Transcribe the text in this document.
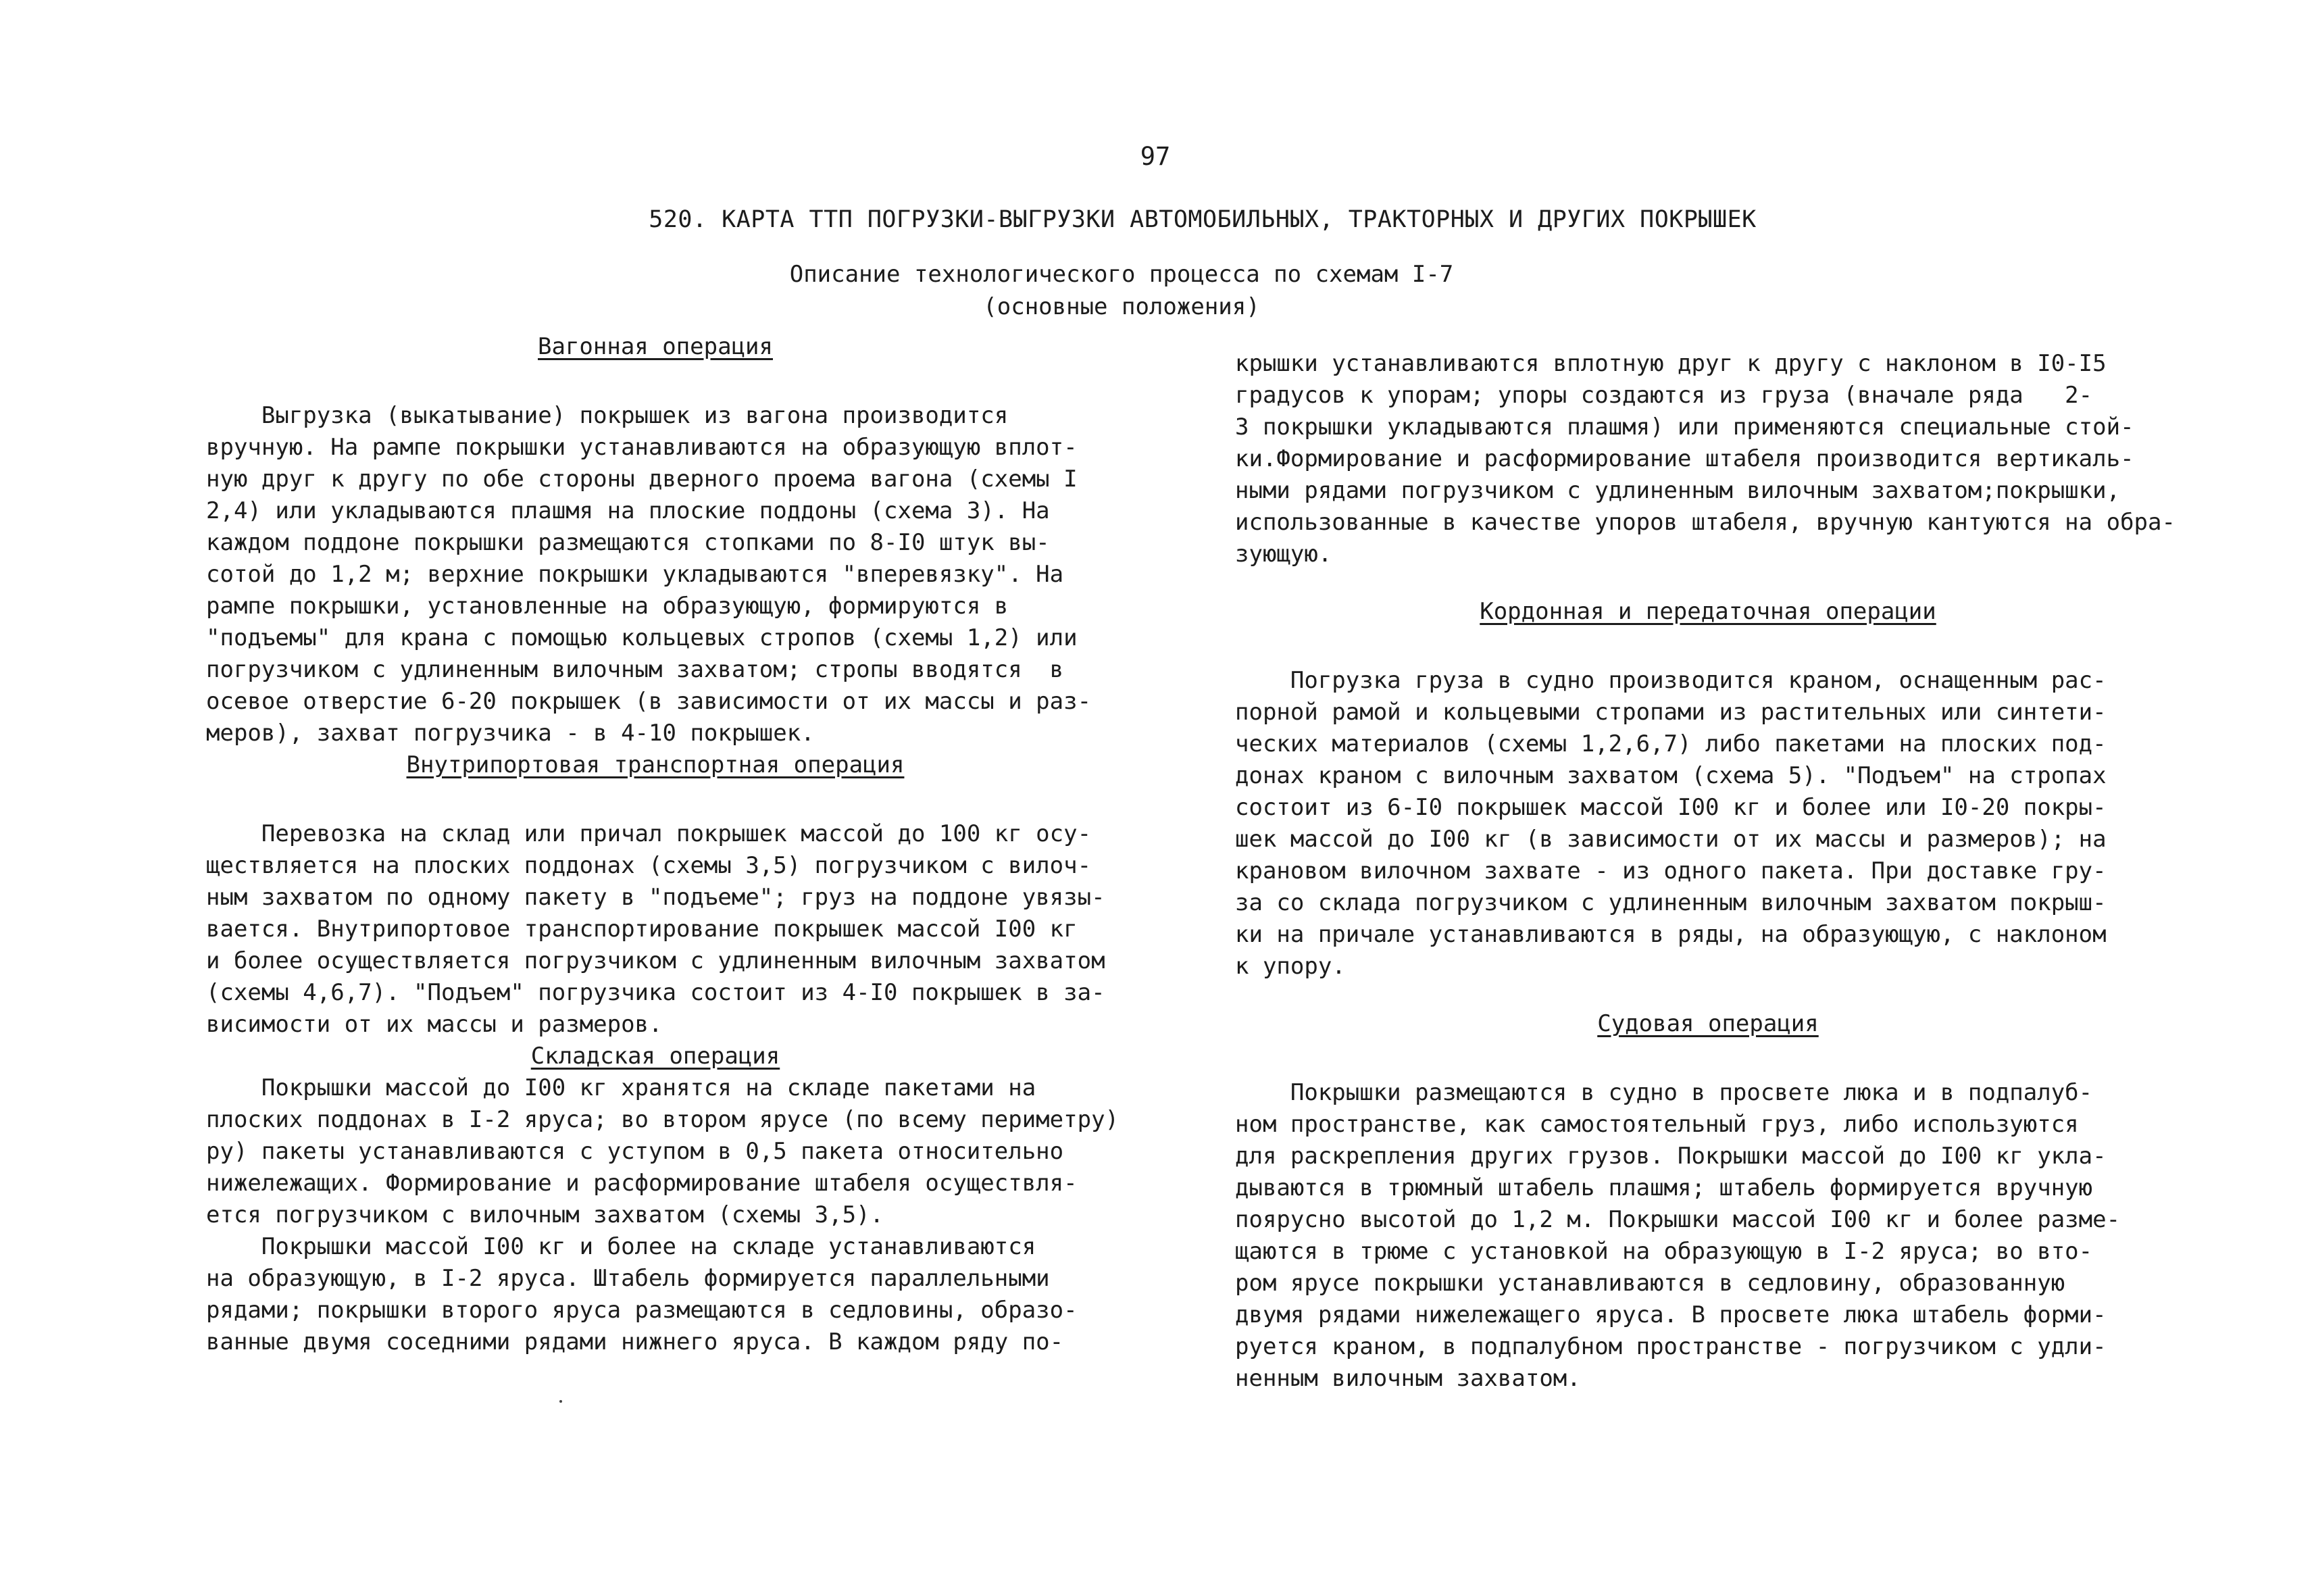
97
520. КАРТА ТТП ПОГРУЗКИ-ВЫГРУЗКИ АВТОМОБИЛЬНЫХ, ТРАКТОРНЫХ И ДРУГИХ ПОКРЫШЕК
Описание технологического процесса по схемам I-7
(основные положения)
Вагонная операция

Выгрузка (выкатывание) покрышек из вагона производится
вручную. На рампе покрышки устанавливаются на образующую вплот-
ную друг к другу по обе стороны дверного проема вагона (схемы I
2,4) или укладываются плашмя на плоские поддоны (схема 3). На
каждом поддоне покрышки размещаются стопками по 8-I0 штук вы-
сотой до 1,2 м; верхние покрышки укладываются "вперевязку". На
рампе покрышки, установленные на образующую, формируются в
"подъемы" для крана с помощью кольцевых стропов (схемы 1,2) или
погрузчиком с удлиненным вилочным захватом; стропы вводятся  в
осевое отверстие 6-20 покрышек (в зависимости от их массы и раз-
меров), захват погрузчика - в 4-10 покрышек.

Внутрипортовая транспортная операция

Перевозка на склад или причал покрышек массой до 100 кг осу-
ществляется на плоских поддонах (схемы 3,5) погрузчиком с вилоч-
ным захватом по одному пакету в "подъеме"; груз на поддоне увязы-
вается. Внутрипортовое транспортирование покрышек массой I00 кг
и более осуществляется погрузчиком с удлиненным вилочным захватом
(схемы 4,6,7). "Подъем" погрузчика состоит из 4-I0 покрышек в за-
висимости от их массы и размеров.

Складская операция

Покрышки массой до I00 кг хранятся на складе пакетами на
плоских поддонах в I-2 яруса; во втором ярусе (по всему периметру)
ру) пакеты устанавливаются с уступом в 0,5 пакета относительно
нижележащих. Формирование и расформирование штабеля осуществля-
ется погрузчиком с вилочным захватом (схемы 3,5).

Покрышки массой I00 кг и более на складе устанавливаются
на образующую, в I-2 яруса. Штабель формируется параллельными
рядами; покрышки второго яруса размещаются в седловины, образо-
ванные двумя соседними рядами нижнего яруса. В каждом ряду по-

крышки устанавливаются вплотную друг к другу с наклоном в I0-I5
градусов к упорам; упоры создаются из груза (вначале ряда   2-
3 покрышки укладываются плашмя) или применяются специальные стой-
ки.Формирование и расформирование штабеля производится вертикаль-
ными рядами погрузчиком с удлиненным вилочным захватом;покрышки,
использованные в качестве упоров штабеля, вручную кантуются на обра-
зующую.

Кордонная и передаточная операции

Погрузка груза в судно производится краном, оснащенным рас-
порной рамой и кольцевыми стропами из растительных или синтети-
ческих материалов (схемы 1,2,6,7) либо пакетами на плоских под-
донах краном с вилочным захватом (схема 5). "Подъем" на стропах
состоит из 6-I0 покрышек массой I00 кг и более или I0-20 покры-
шек массой до I00 кг (в зависимости от их массы и размеров); на
крановом вилочном захвате - из одного пакета. При доставке гру-
за со склада погрузчиком с удлиненным вилочным захватом покрыш-
ки на причале устанавливаются в ряды, на образующую, с наклоном
к упору.

Судовая операция

Покрышки размещаются в судно в просвете люка и в подпалуб-
ном пространстве, как самостоятельный груз, либо используются
для раскрепления других грузов. Покрышки массой до I00 кг укла-
дываются в трюмный штабель плашмя; штабель формируется вручную
поярусно высотой до 1,2 м. Покрышки массой I00 кг и более разме-
щаются в трюме с установкой на образующую в I-2 яруса; во вто-
ром ярусе покрышки устанавливаются в седловину, образованную
двумя рядами нижележащего яруса. В просвете люка штабель форми-
руется краном, в подпалубном пространстве - погрузчиком с удли-
ненным вилочным захватом.
